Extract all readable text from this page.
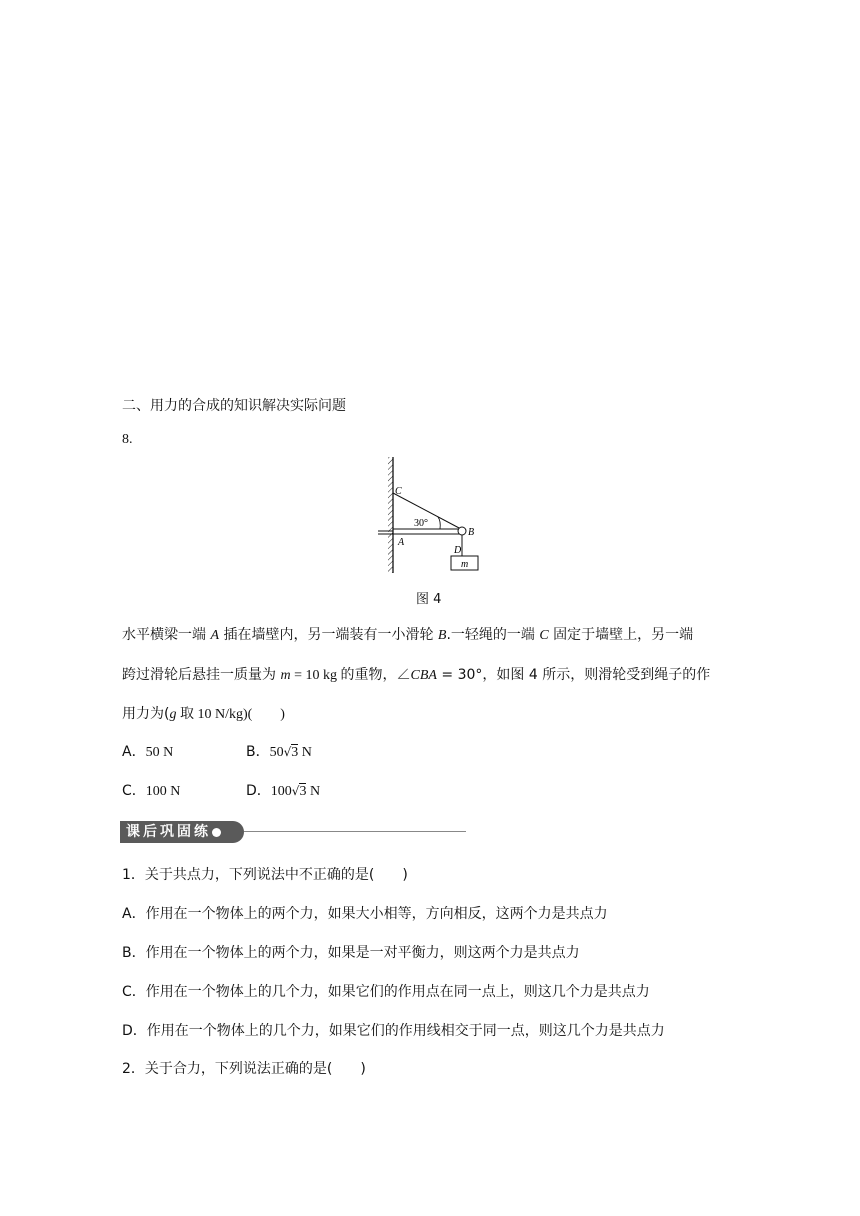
二、用力的合成的知识解决实际问题
8.
C
30°
A
B
D
m
图 4
水平横梁一端 A 插在墙壁内，另一端装有一小滑轮 B.一轻绳的一端 C 固定于墙壁上，另一端
跨过滑轮后悬挂一质量为 m = 10 kg 的重物，∠CBA = 30°，如图 4 所示，则滑轮受到绳子的作
用力为(g 取 10 N/kg)( )
A．50 N	B．50√3 N
C．100 N	D．100√3 N
课后巩固练
1．关于共点力，下列说法中不正确的是( )
A．作用在一个物体上的两个力，如果大小相等，方向相反，这两个力是共点力
B．作用在一个物体上的两个力，如果是一对平衡力，则这两个力是共点力
C．作用在一个物体上的几个力，如果它们的作用点在同一点上，则这几个力是共点力
D．作用在一个物体上的几个力，如果它们的作用线相交于同一点，则这几个力是共点力
2．关于合力，下列说法正确的是( )
